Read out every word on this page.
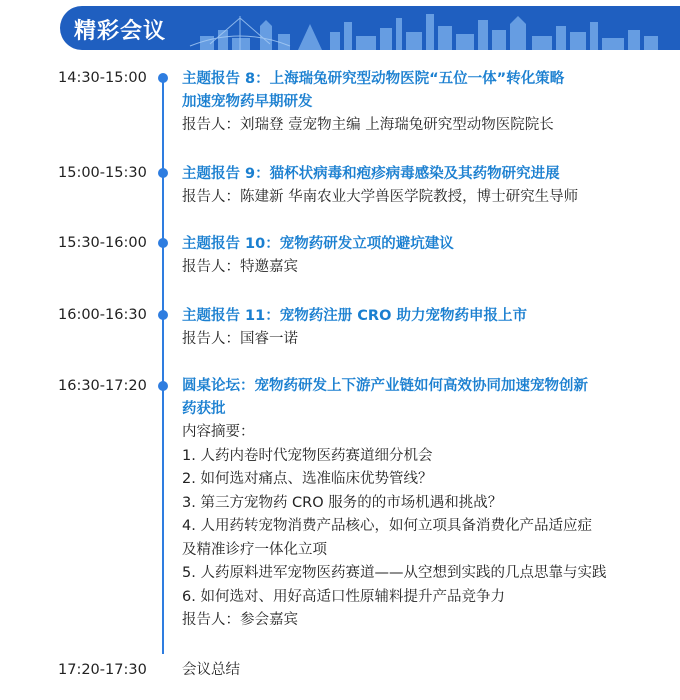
精彩会议
14:30-15:00 主题报告 8：上海瑞兔研究型动物医院“五位一体”转化策略
加速宠物药早期研发
报告人：刘瑞登 壹宠物主编 上海瑞兔研究型动物医院院长
15:00-15:30 主题报告 9：猫杯状病毒和疱疹病毒感染及其药物研究进展
报告人：陈建新 华南农业大学兽医学院教授，博士研究生导师
15:30-16:00 主题报告 10：宠物药研发立项的避坑建议
报告人：特邀嘉宾
16:00-16:30 主题报告 11：宠物药注册 CRO 助力宠物药申报上市
报告人：国睿一诺
16:30-17:20 圆桌论坛：宠物药研发上下游产业链如何高效协同加速宠物创新
药获批
内容摘要：
1. 人药内卷时代宠物医药赛道细分机会
2. 如何选对痛点、选准临床优势管线？
3. 第三方宠物药 CRO 服务的的市场机遇和挑战？
4. 人用药转宠物消费产品核心，如何立项具备消费化产品适应症
及精准诊疗一体化立项
5. 人药原料进军宠物医药赛道——从空想到实践的几点思靠与实践
6. 如何选对、用好高适口性原辅料提升产品竞争力
报告人：参会嘉宾
17:20-17:30 会议总结
